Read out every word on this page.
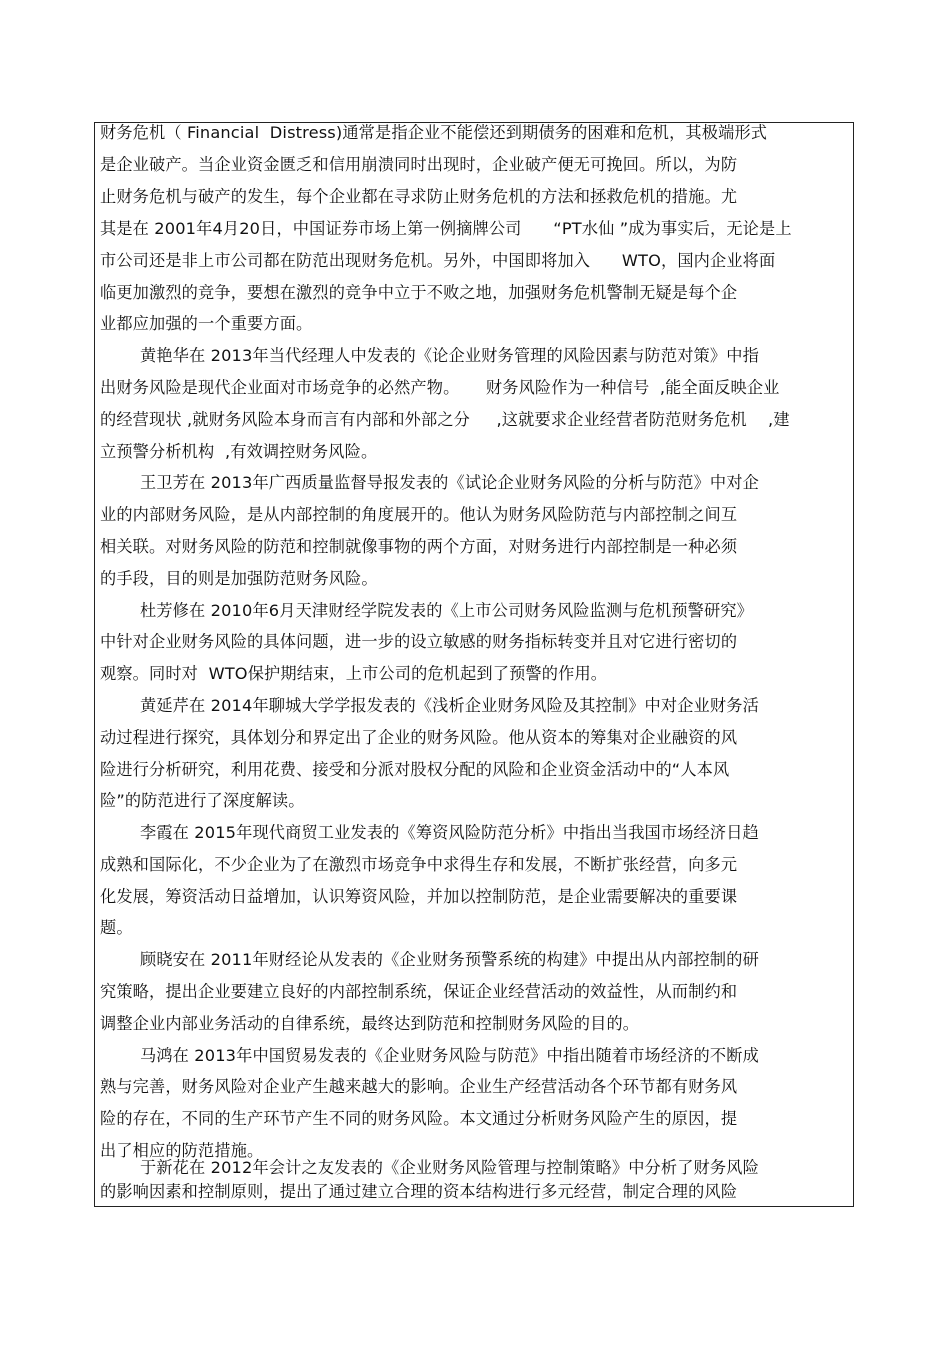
财务危机（ Financial  Distress)通常是指企业不能偿还到期债务的困难和危机，其极端形式
是企业破产。当企业资金匮乏和信用崩溃同时出现时，企业破产便无可挽回。所以，为防
止财务危机与破产的发生，每个企业都在寻求防止财务危机的方法和拯救危机的措施。尤
其是在 2001年4月20日，中国证券市场上第一例摘牌公司      “PT水仙 ”成为事实后，无论是上
市公司还是非上市公司都在防范出现财务危机。另外，中国即将加入      WTO，国内企业将面
临更加激烈的竞争，要想在激烈的竞争中立于不败之地，加强财务危机警制无疑是每个企
业都应加强的一个重要方面。
黄艳华在 2013年当代经理人中发表的《论企业财务管理的风险因素与防范对策》中指
出财务风险是现代企业面对市场竞争的必然产物。     财务风险作为一种信号  ,能全面反映企业
的经营现状 ,就财务风险本身而言有内部和外部之分     ,这就要求企业经营者防范财务危机    ,建
立预警分析机构  ,有效调控财务风险。
王卫芳在 2013年广西质量监督导报发表的《试论企业财务风险的分析与防范》中对企
业的内部财务风险，是从内部控制的角度展开的。他认为财务风险防范与内部控制之间互
相关联。对财务风险的防范和控制就像事物的两个方面，对财务进行内部控制是一种必须
的手段，目的则是加强防范财务风险。
杜芳修在 2010年6月天津财经学院发表的《上市公司财务风险监测与危机预警研究》
中针对企业财务风险的具体问题，进一步的设立敏感的财务指标转变并且对它进行密切的
观察。同时对  WTO保护期结束，上市公司的危机起到了预警的作用。
黄延芹在 2014年聊城大学学报发表的《浅析企业财务风险及其控制》中对企业财务活
动过程进行探究，具体划分和界定出了企业的财务风险。他从资本的筹集对企业融资的风
险进行分析研究，利用花费、接受和分派对股权分配的风险和企业资金活动中的“人本风
险”的防范进行了深度解读。
李霞在 2015年现代商贸工业发表的《筹资风险防范分析》中指出当我国市场经济日趋
成熟和国际化，不少企业为了在激烈市场竞争中求得生存和发展，不断扩张经营，向多元
化发展，筹资活动日益增加，认识筹资风险，并加以控制防范，是企业需要解决的重要课
题。
顾晓安在 2011年财经论从发表的《企业财务预警系统的构建》中提出从内部控制的研
究策略，提出企业要建立良好的内部控制系统，保证企业经营活动的效益性，从而制约和
调整企业内部业务活动的自律系统，最终达到防范和控制财务风险的目的。
马鸿在 2013年中国贸易发表的《企业财务风险与防范》中指出随着市场经济的不断成
熟与完善，财务风险对企业产生越来越大的影响。企业生产经营活动各个环节都有财务风
险的存在，不同的生产环节产生不同的财务风险。本文通过分析财务风险产生的原因，提
出了相应的防范措施。
于新花在 2012年会计之友发表的《企业财务风险管理与控制策略》中分析了财务风险
的影响因素和控制原则，提出了通过建立合理的资本结构进行多元经营，制定合理的风险
